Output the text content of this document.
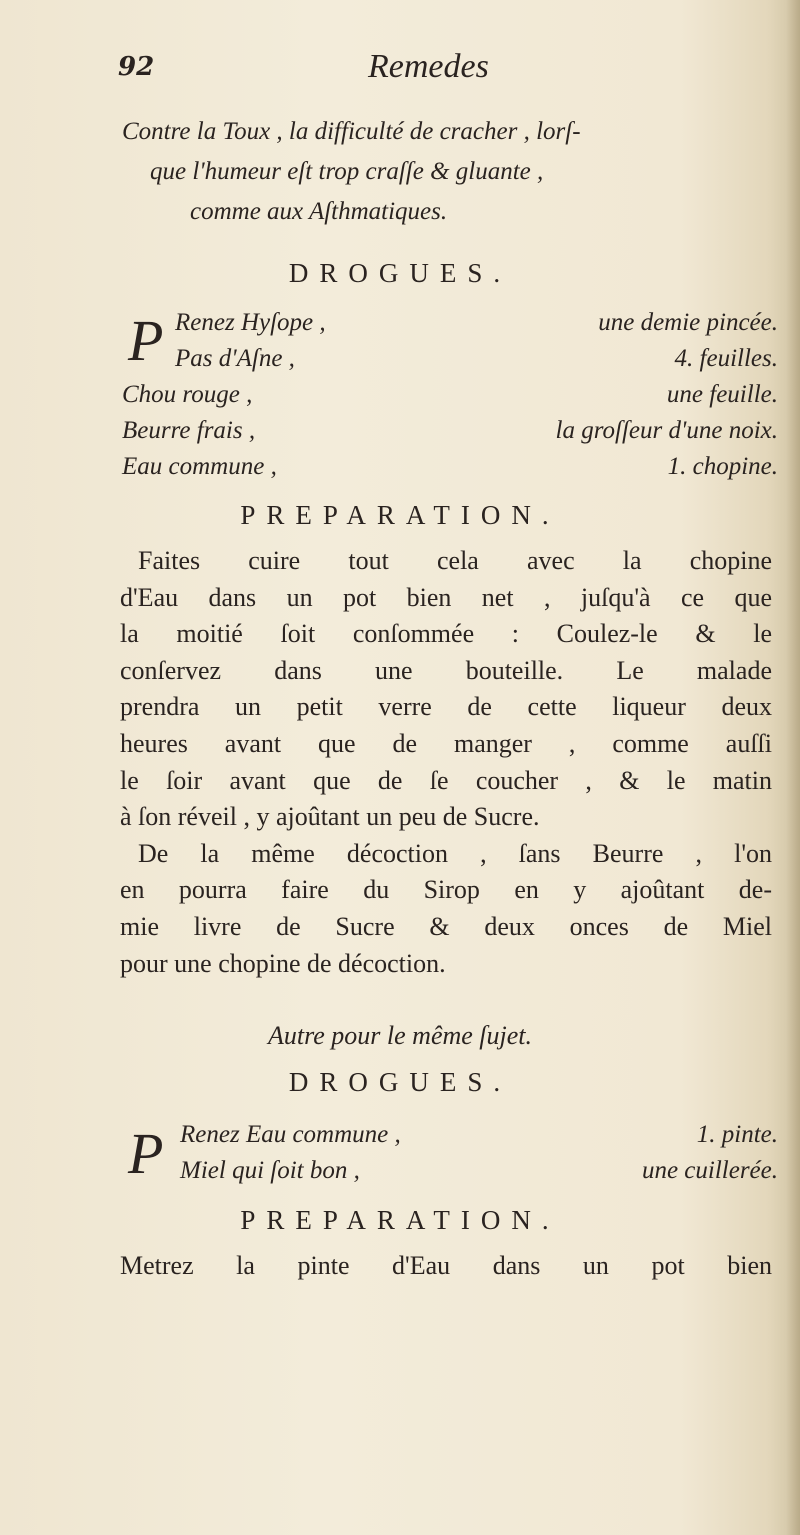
92	Remedes
Contre la Toux , la difficulté de cracher , lorſ-
que l'humeur eſt trop craſſe & gluante ,
comme aux Aſthmatiques.
DROGUES.
P Renez Hyſope ,	une demie pincée.
Pas d'Aſne ,	4. feuilles.
Chou rouge ,	une feuille.
Beurre frais ,	la groſſeur d'une noix.
Eau commune ,	1. chopine.
PREPARATION.
Faites cuire tout cela avec la chopine
d'Eau dans un pot bien net , juſqu'à ce que
la moitié ſoit conſommée : Coulez-le & le
conſervez dans une bouteille. Le malade
prendra un petit verre de cette liqueur deux
heures avant que de manger , comme auſſi
le ſoir avant que de ſe coucher , & le matin
à ſon réveil , y ajoûtant un peu de Sucre.
De la même décoction , ſans Beurre , l'on
en pourra faire du Sirop en y ajoûtant de-
mie livre de Sucre & deux onces de Miel
pour une chopine de décoction.
Autre pour le même ſujet.
DROGUES.
P Renez Eau commune ,	1. pinte.
Miel qui ſoit bon ,	une cuillerée.
PREPARATION.
Metrez la pinte d'Eau dans un pot bien
